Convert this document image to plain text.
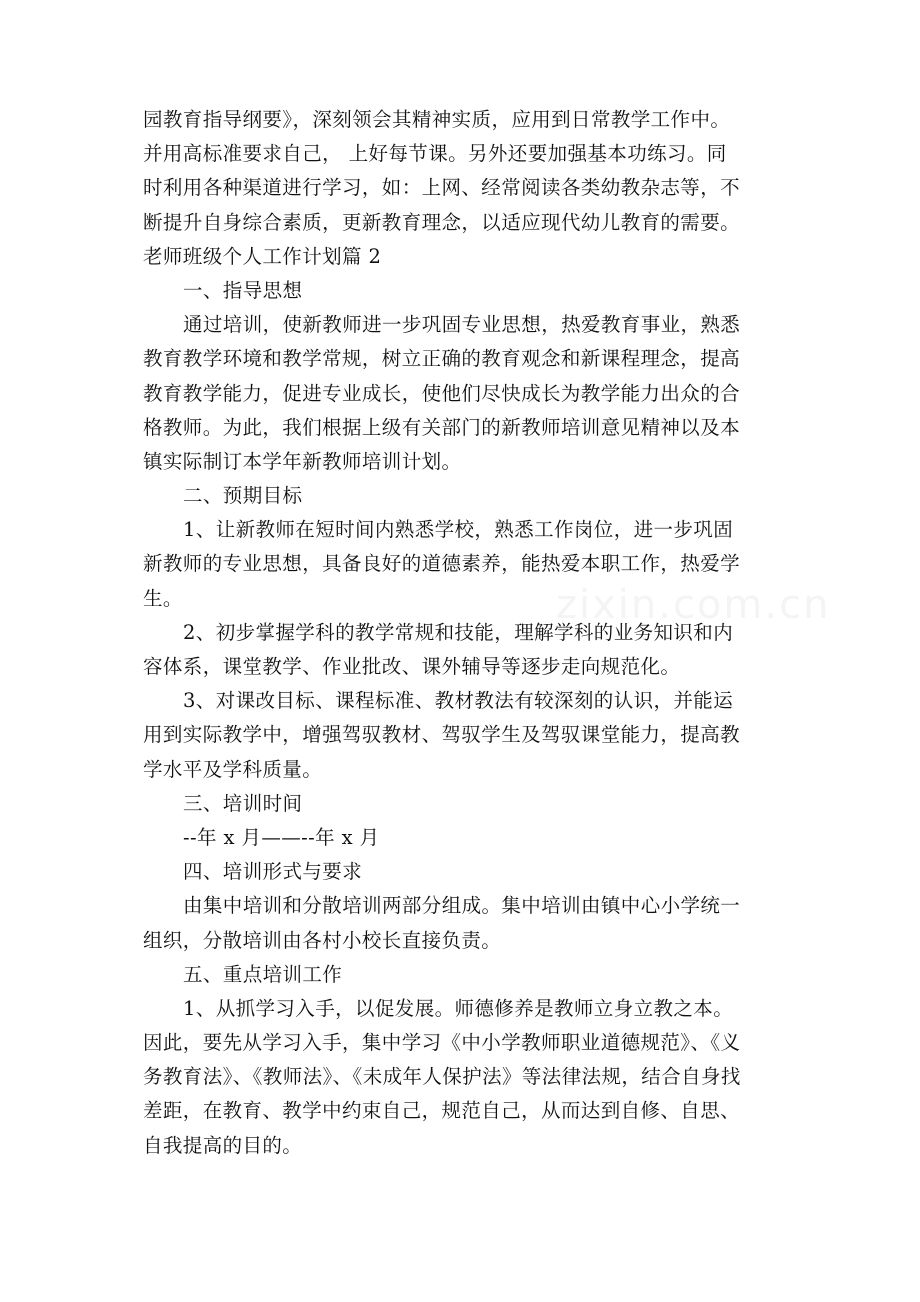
园教育指导纲要》，深刻领会其精神实质，应用到日常教学工作中。
并用高标准要求自己， 上好每节课。另外还要加强基本功练习。同
时利用各种渠道进行学习，如：上网、经常阅读各类幼教杂志等，不
断提升自身综合素质，更新教育理念，以适应现代幼儿教育的需要。
老师班级个人工作计划篇 2
一、指导思想
通过培训，使新教师进一步巩固专业思想，热爱教育事业，熟悉
教育教学环境和教学常规，树立正确的教育观念和新课程理念，提高
教育教学能力，促进专业成长，使他们尽快成长为教学能力出众的合
格教师。为此，我们根据上级有关部门的新教师培训意见精神以及本
镇实际制订本学年新教师培训计划。
二、预期目标
1、让新教师在短时间内熟悉学校，熟悉工作岗位，进一步巩固
新教师的专业思想，具备良好的道德素养，能热爱本职工作，热爱学
生。
2、初步掌握学科的教学常规和技能，理解学科的业务知识和内
容体系，课堂教学、作业批改、课外辅导等逐步走向规范化。
3、对课改目标、课程标准、教材教法有较深刻的认识，并能运
用到实际教学中，增强驾驭教材、驾驭学生及驾驭课堂能力，提高教
学水平及学科质量。
三、培训时间
--年 x 月——--年 x 月
四、培训形式与要求
由集中培训和分散培训两部分组成。集中培训由镇中心小学统一
组织，分散培训由各村小校长直接负责。
五、重点培训工作
1、从抓学习入手，以促发展。师德修养是教师立身立教之本。
因此，要先从学习入手，集中学习《中小学教师职业道德规范》、《义
务教育法》、《教师法》、《未成年人保护法》等法律法规，结合自身找
差距，在教育、教学中约束自己，规范自己，从而达到自修、自思、
自我提高的目的。
zixin.com.cn
